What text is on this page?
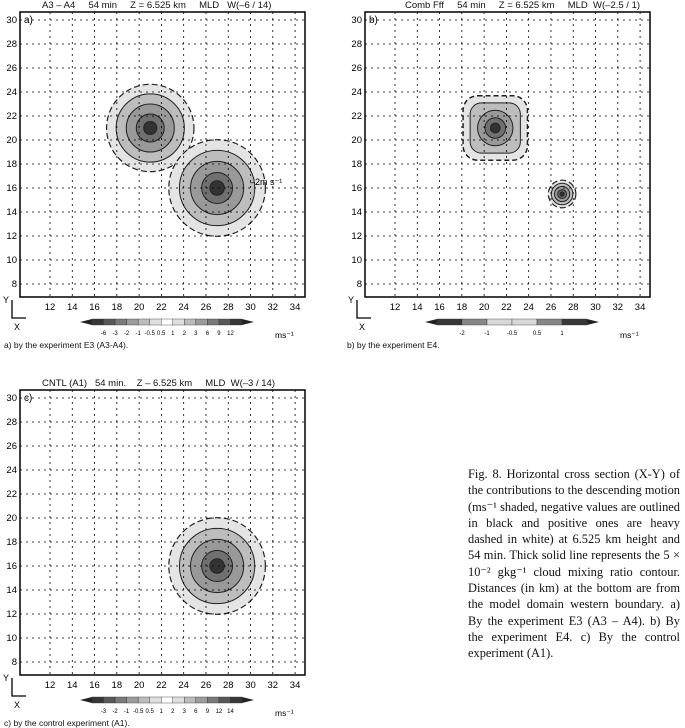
A3 – A4     54 min     Z = 6.525 km     MLD   W(–6 / 14)
12 14 16 18 20 22 24 26 28 30 32 34
8
10
12
14
16
18
20
22
24
26
28
30 a)
–2m s⁻¹
Y
X
-6 -3 -2 -1 -0.5 0.5 1 2 3 6 9 12	ms⁻¹
a) by the experiment E3 (A3-A4).
Comb Fff     54 min     Z = 6.525 km     MLD  W(–2.5 / 1)
12 14 16 18 20 22 24 26 28 30 32 34
8
10
12
14
16
18
20
22
24
26
28
30 b)
Y
X
-2	-1	-0.5	0.5	1	ms⁻¹
b) by the experiment E4.
CNTL (A1)   54 min.    Z – 6.525 km     MLD  W(–3 / 14)
12 14 16 18 20 22 24 26 28 30 32 34
8
10
12
14
16
18
20
22
24
26
28
30 c)
Y
X
-3 -2 -1 -0.5 0.5 1 2 3 6 9 12 14	ms⁻¹
c) by the control experiment (A1).
Fig. 8. Horizontal cross section (X-Y) of the contributions to the descending motion (ms⁻¹ shaded, negative values are outlined in black and positive ones are heavy dashed in white) at 6.525 km height and 54 min. Thick solid line represents the 5 × 10⁻² gkg⁻¹ cloud mixing ratio contour. Distances (in km) at the bottom are from the model domain western boundary. a) By the experiment E3 (A3 – A4). b) By the experiment E4. c) By the control experiment (A1).
